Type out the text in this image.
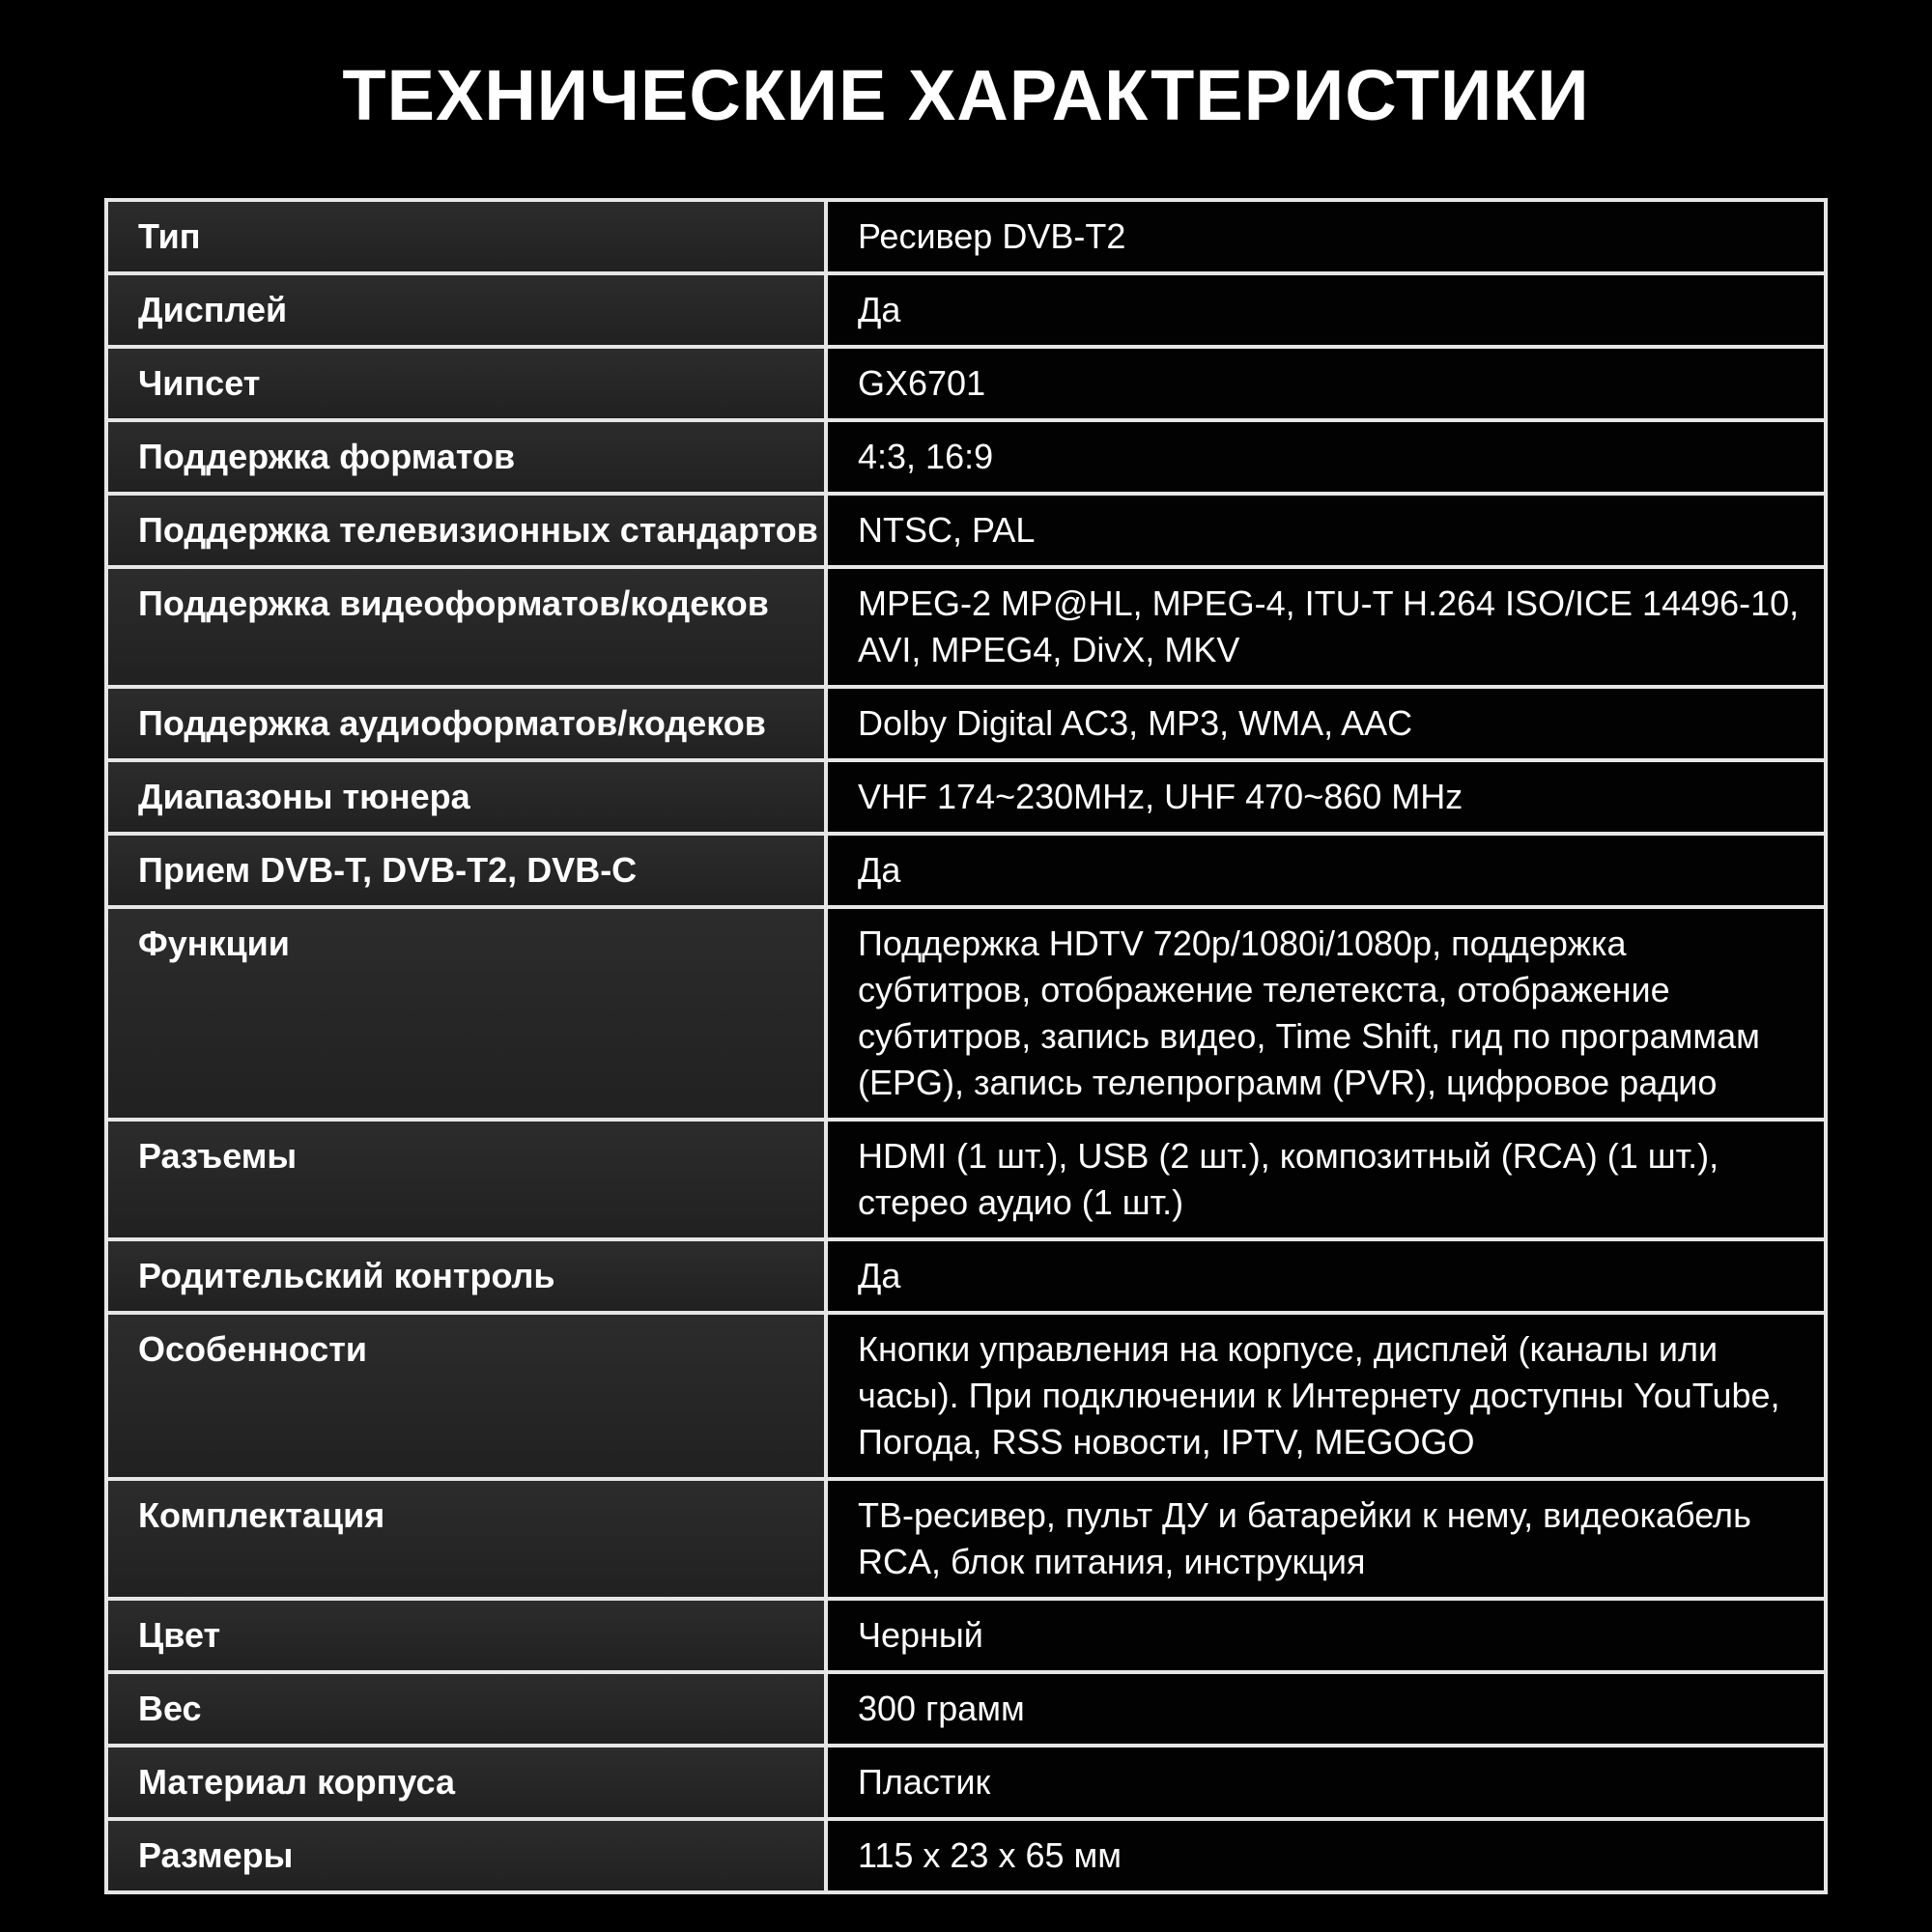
ТЕХНИЧЕСКИЕ ХАРАКТЕРИСТИКИ
Тип	Ресивер DVB-T2
Дисплей	Да
Чипсет	GX6701
Поддержка форматов	4:3, 16:9
Поддержка телевизионных стандартов	NTSC, PAL
Поддержка видеоформатов/кодеков	MPEG-2 MP@HL, MPEG-4, ITU-T H.264 ISO/ICE 14496-10, AVI, MPEG4, DivX, MKV
Поддержка аудиоформатов/кодеков	Dolby Digital AC3, MP3, WMA, AAC
Диапазоны тюнера	VHF 174~230MHz, UHF 470~860 MHz
Прием DVB-T, DVB-T2, DVB-C	Да
Функции	Поддержка HDTV 720p/1080i/1080p, поддержка субтитров, отображение телетекста, отображение субтитров, запись видео, Time Shift, гид по программам (EPG), запись телепрограмм (PVR), цифровое радио
Разъемы	HDMI (1 шт.), USB (2 шт.), композитный (RCA) (1 шт.), стерео аудио (1 шт.)
Родительский контроль	Да
Особенности	Кнопки управления на корпусе, дисплей (каналы или часы). При подключении к Интернету доступны YouTube, Погода, RSS новости, IPTV, MEGOGO
Комплектация	ТВ-ресивер, пульт ДУ и батарейки к нему, видеокабель RCA, блок питания, инструкция
Цвет	Черный
Вес	300 грамм
Материал корпуса	Пластик
Размеры	115 x 23 x 65 мм
